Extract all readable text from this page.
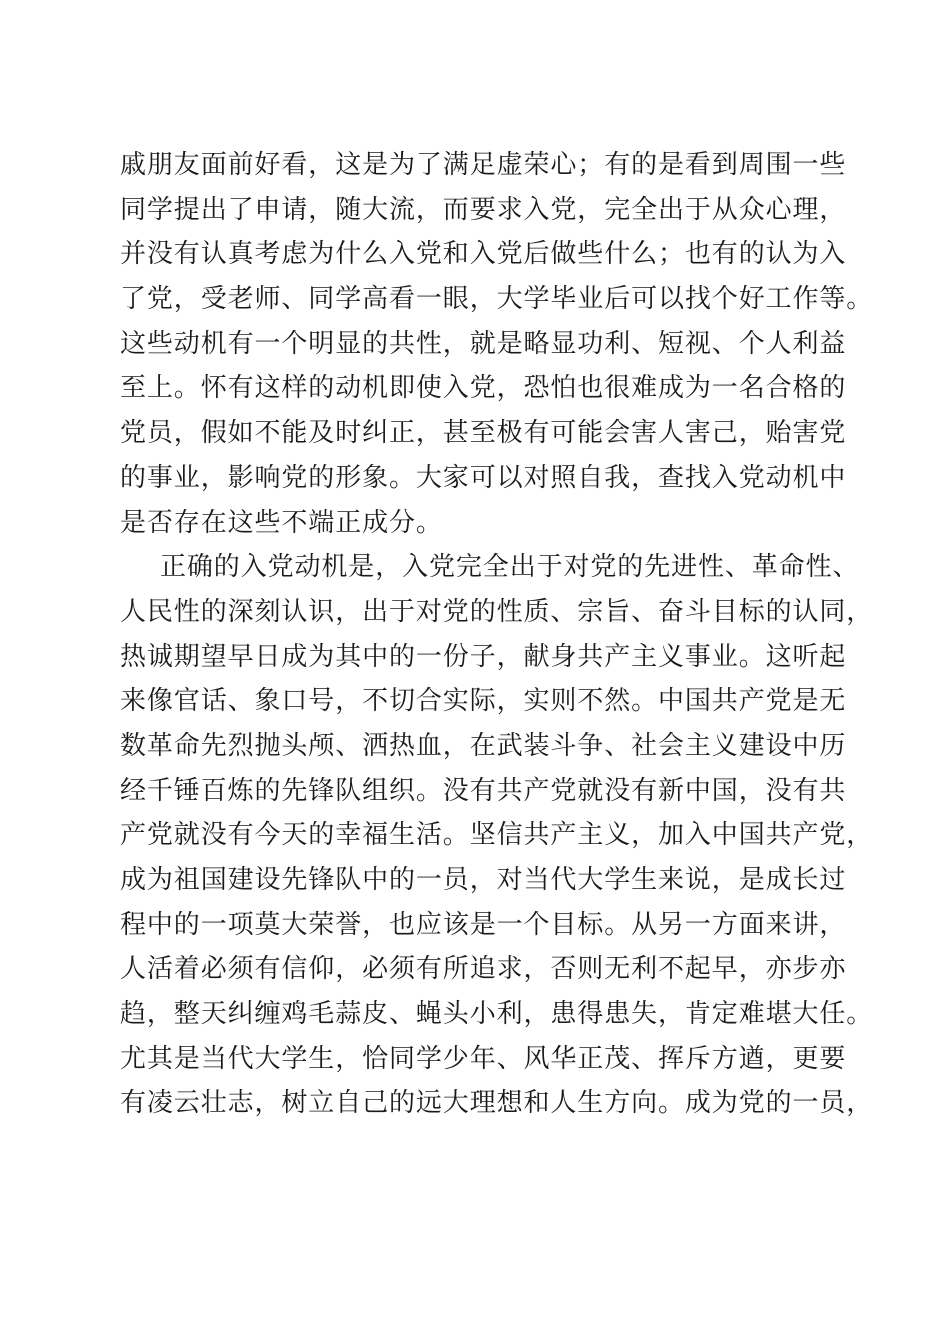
戚朋友面前好看，这是为了满足虚荣心；有的是看到周围一些
同学提出了申请，随大流，而要求入党，完全出于从众心理，
并没有认真考虑为什么入党和入党后做些什么；也有的认为入
了党，受老师、同学高看一眼，大学毕业后可以找个好工作等。
这些动机有一个明显的共性，就是略显功利、短视、个人利益
至上。怀有这样的动机即使入党，恐怕也很难成为一名合格的
党员，假如不能及时纠正，甚至极有可能会害人害己，贻害党
的事业，影响党的形象。大家可以对照自我，查找入党动机中
是否存在这些不端正成分。
正确的入党动机是，入党完全出于对党的先进性、革命性、
人民性的深刻认识，出于对党的性质、宗旨、奋斗目标的认同，
热诚期望早日成为其中的一份子，献身共产主义事业。这听起
来像官话、象口号，不切合实际，实则不然。中国共产党是无
数革命先烈抛头颅、洒热血，在武装斗争、社会主义建设中历
经千锤百炼的先锋队组织。没有共产党就没有新中国，没有共
产党就没有今天的幸福生活。坚信共产主义，加入中国共产党，
成为祖国建设先锋队中的一员，对当代大学生来说，是成长过
程中的一项莫大荣誉，也应该是一个目标。从另一方面来讲，
人活着必须有信仰，必须有所追求，否则无利不起早，亦步亦
趋，整天纠缠鸡毛蒜皮、蝇头小利，患得患失，肯定难堪大任。
尤其是当代大学生，恰同学少年、风华正茂、挥斥方遒，更要
有凌云壮志，树立自己的远大理想和人生方向。成为党的一员，
